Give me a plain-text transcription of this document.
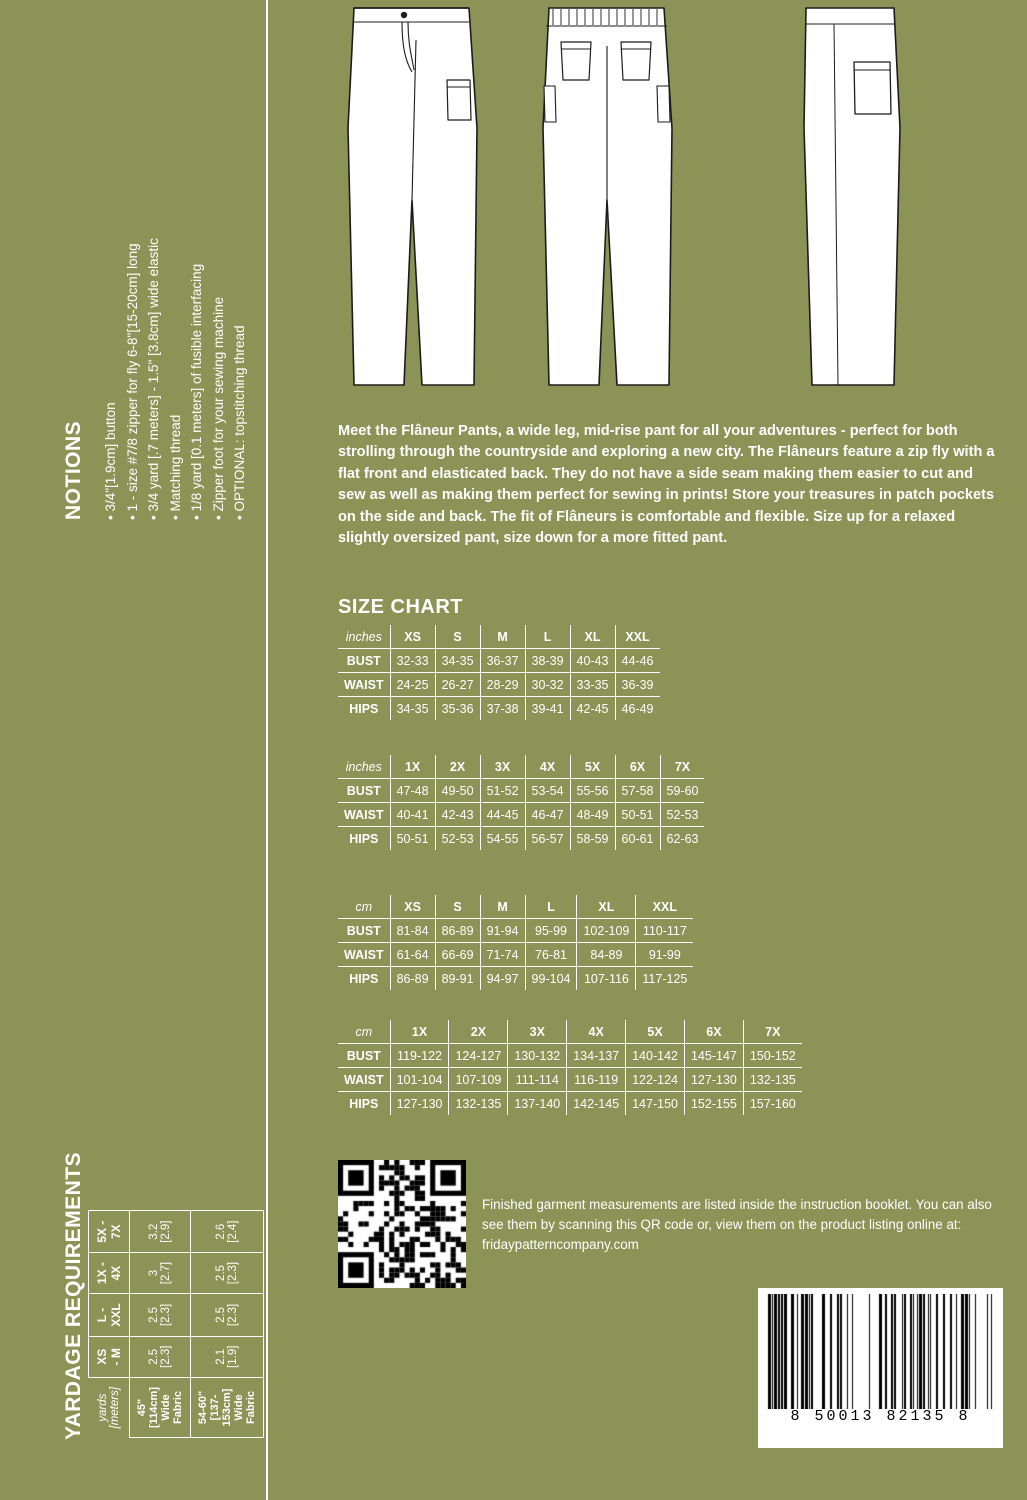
NOTIONS • 3/4"[1.9cm] button • 1 - size #7/8 zipper for fly 6-8"[15-20cm] long • 3/4 yard [.7 meters] - 1.5" [3.8cm] wide elastic • Matching thread • 1/8 yard [0.1 meters] of fusible interfacing • Zipper foot for your sewing machine • OPTIONAL: topstitching thread
YARDAGE REQUIREMENTS yards [meters]	XS - M	L - XXL	1X - 4X	5X - 7X
45" [114cm] Wide Fabric	2.5 [2.3]	2.5 [2.3]	3 [2.7]	3.2 [2.9]
54-60" [137-153cm] Wide Fabric	2.1 [1.9]	2.5 [2.3]	2.5 [2.3]	2.6 [2.4]

Meet the Flâneur Pants, a wide leg, mid-rise pant for all your adventures - perfect for both strolling through the countryside and exploring a new city. The Flâneurs feature a zip fly with a flat front and elasticated back. They do not have a side seam making them easier to cut and sew as well as making them perfect for sewing in prints! Store your treasures in patch pockets on the side and back. The fit of Flâneurs is comfortable and flexible. Size up for a relaxed slightly oversized pant, size down for a more fitted pant.

SIZE CHART
inches	XS	S	M	L	XL	XXL
BUST	32-33	34-35	36-37	38-39	40-43	44-46
WAIST	24-25	26-27	28-29	30-32	33-35	36-39
HIPS	34-35	35-36	37-38	39-41	42-45	46-49
inches	1X	2X	3X	4X	5X	6X	7X
BUST	47-48	49-50	51-52	53-54	55-56	57-58	59-60
WAIST	40-41	42-43	44-45	46-47	48-49	50-51	52-53
HIPS	50-51	52-53	54-55	56-57	58-59	60-61	62-63
cm	XS	S	M	L	XL	XXL
BUST	81-84	86-89	91-94	95-99	102-109	110-117
WAIST	61-64	66-69	71-74	76-81	84-89	91-99
HIPS	86-89	89-91	94-97	99-104	107-116	117-125
cm	1X	2X	3X	4X	5X	6X	7X
BUST	119-122	124-127	130-132	134-137	140-142	145-147	150-152
WAIST	101-104	107-109	111-114	116-119	122-124	127-130	132-135
HIPS	127-130	132-135	137-140	142-145	147-150	152-155	157-160

Finished garment measurements are listed inside the instruction booklet. You can also see them by scanning this QR code or, view them on the product listing online at: fridaypatterncompany.com

8 50013 82135 8
